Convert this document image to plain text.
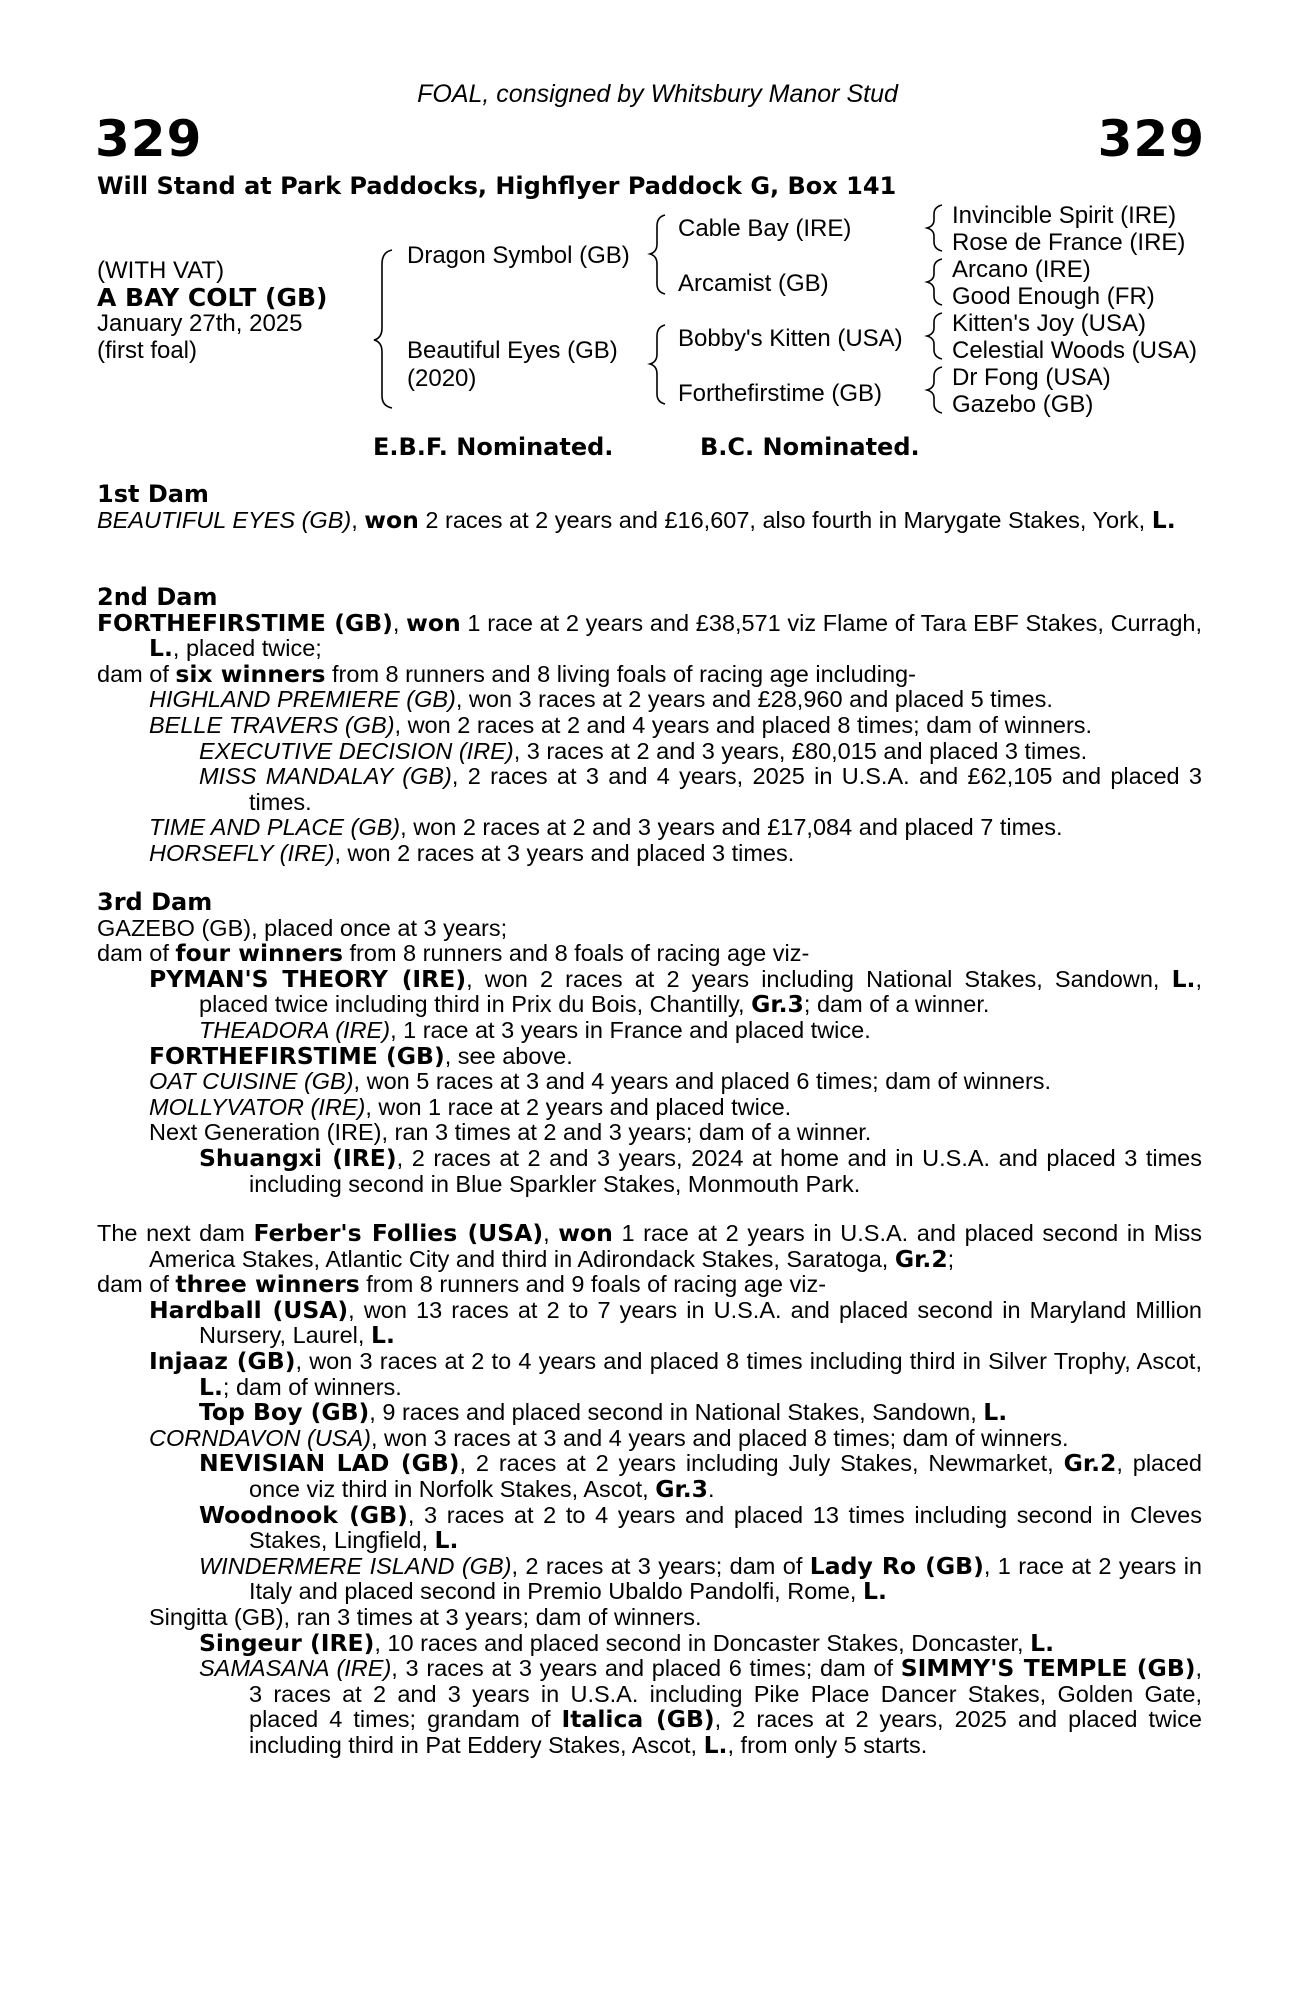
FOAL, consigned by Whitsbury Manor Stud
329	329
Will Stand at Park Paddocks, Highflyer Paddock G, Box 141
(WITH VAT)
A BAY COLT (GB)
January 27th, 2025
(first foal)
Dragon Symbol (GB)
Beautiful Eyes (GB)
(2020)
Cable Bay (IRE)
Arcamist (GB)
Bobby's Kitten (USA)
Forthefirstime (GB)
Invincible Spirit (IRE)
Rose de France (IRE)
Arcano (IRE)
Good Enough (FR)
Kitten's Joy (USA)
Celestial Woods (USA)
Dr Fong (USA)
Gazebo (GB)
E.B.F. Nominated.	B.C. Nominated.
1st Dam

BEAUTIFUL EYES (GB), won 2 races at 2 years and £16,607, also fourth in Marygate Stakes, York, L.

2nd Dam

FORTHEFIRSTIME (GB), won 1 race at 2 years and £38,571 viz Flame of Tara EBF Stakes, Curragh, L., placed twice;

dam of six winners from 8 runners and 8 living foals of racing age including-

HIGHLAND PREMIERE (GB), won 3 races at 2 years and £28,960 and placed 5 times.

BELLE TRAVERS (GB), won 2 races at 2 and 4 years and placed 8 times; dam of winners.

EXECUTIVE DECISION (IRE), 3 races at 2 and 3 years, £80,015 and placed 3 times.

MISS MANDALAY (GB), 2 races at 3 and 4 years, 2025 in U.S.A. and £62,105 and placed 3 times.

TIME AND PLACE (GB), won 2 races at 2 and 3 years and £17,084 and placed 7 times.

HORSEFLY (IRE), won 2 races at 3 years and placed 3 times.

3rd Dam

GAZEBO (GB), placed once at 3 years;

dam of four winners from 8 runners and 8 foals of racing age viz-

PYMAN'S THEORY (IRE), won 2 races at 2 years including National Stakes, Sandown, L., placed twice including third in Prix du Bois, Chantilly, Gr.3; dam of a winner.

THEADORA (IRE), 1 race at 3 years in France and placed twice.

FORTHEFIRSTIME (GB), see above.

OAT CUISINE (GB), won 5 races at 3 and 4 years and placed 6 times; dam of winners.

MOLLYVATOR (IRE), won 1 race at 2 years and placed twice.

Next Generation (IRE), ran 3 times at 2 and 3 years; dam of a winner.

Shuangxi (IRE), 2 races at 2 and 3 years, 2024 at home and in U.S.A. and placed 3 times including second in Blue Sparkler Stakes, Monmouth Park.

The next dam Ferber's Follies (USA), won 1 race at 2 years in U.S.A. and placed second in Miss America Stakes, Atlantic City and third in Adirondack Stakes, Saratoga, Gr.2;

dam of three winners from 8 runners and 9 foals of racing age viz-

Hardball (USA), won 13 races at 2 to 7 years in U.S.A. and placed second in Maryland Million Nursery, Laurel, L.

Injaaz (GB), won 3 races at 2 to 4 years and placed 8 times including third in Silver Trophy, Ascot, L.; dam of winners.

Top Boy (GB), 9 races and placed second in National Stakes, Sandown, L.

CORNDAVON (USA), won 3 races at 3 and 4 years and placed 8 times; dam of winners.

NEVISIAN LAD (GB), 2 races at 2 years including July Stakes, Newmarket, Gr.2, placed once viz third in Norfolk Stakes, Ascot, Gr.3.

Woodnook (GB), 3 races at 2 to 4 years and placed 13 times including second in Cleves Stakes, Lingfield, L.

WINDERMERE ISLAND (GB), 2 races at 3 years; dam of Lady Ro (GB), 1 race at 2 years in Italy and placed second in Premio Ubaldo Pandolfi, Rome, L.

Singitta (GB), ran 3 times at 3 years; dam of winners.

Singeur (IRE), 10 races and placed second in Doncaster Stakes, Doncaster, L.

SAMASANA (IRE), 3 races at 3 years and placed 6 times; dam of SIMMY'S TEMPLE (GB), 3 races at 2 and 3 years in U.S.A. including Pike Place Dancer Stakes, Golden Gate, placed 4 times; grandam of Italica (GB), 2 races at 2 years, 2025 and placed twice including third in Pat Eddery Stakes, Ascot, L., from only 5 starts.
